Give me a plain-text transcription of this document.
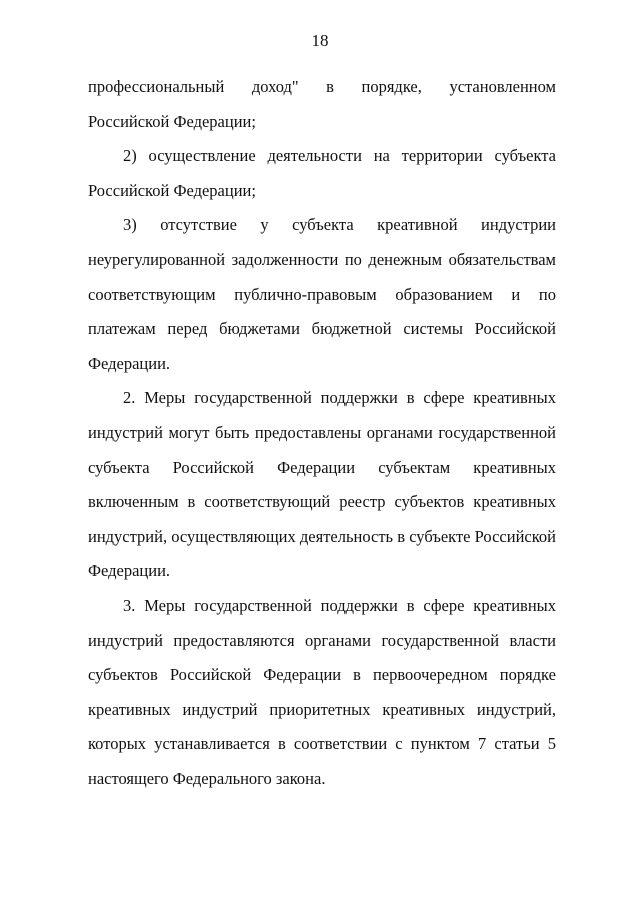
18
профессиональный доход" в порядке, установленном
Российской Федерации;
2) осуществление деятельности на территории субъекта
Российской Федерации;
3) отсутствие у субъекта креативной индустрии
неурегулированной задолженности по денежным обязательствам
соответствующим публично-правовым образованием и по
платежам перед бюджетами бюджетной системы Российской
Федерации.
2. Меры государственной поддержки в сфере креативных
индустрий могут быть предоставлены органами государственной
субъекта Российской Федерации субъектам креативных
включенным в соответствующий реестр субъектов креативных
индустрий, осуществляющих деятельность в субъекте Российской
Федерации.
3. Меры государственной поддержки в сфере креативных
индустрий предоставляются органами государственной власти
субъектов Российской Федерации в первоочередном порядке
креативных индустрий приоритетных креативных индустрий,
которых устанавливается в соответствии с пунктом 7 статьи 5
настоящего Федерального закона.
